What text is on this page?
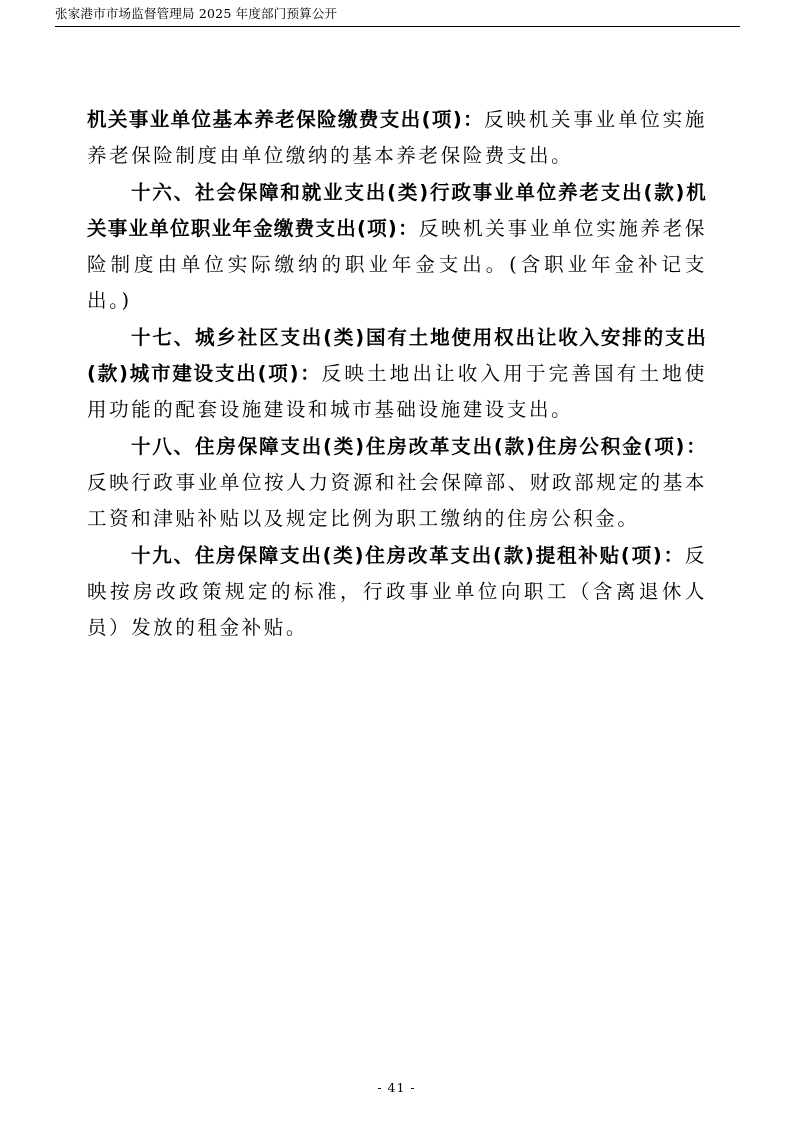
张家港市市场监督管理局 2025 年度部门预算公开

机关事业单位基本养老保险缴费支出(项)：反映机关事业单位实施养老保险制度由单位缴纳的基本养老保险费支出。

十六、社会保障和就业支出(类)行政事业单位养老支出(款)机关事业单位职业年金缴费支出(项)：反映机关事业单位实施养老保险制度由单位实际缴纳的职业年金支出。(含职业年金补记支出。)

十七、城乡社区支出(类)国有土地使用权出让收入安排的支出(款)城市建设支出(项)：反映土地出让收入用于完善国有土地使用功能的配套设施建设和城市基础设施建设支出。

十八、住房保障支出(类)住房改革支出(款)住房公积金(项)：反映行政事业单位按人力资源和社会保障部、财政部规定的基本工资和津贴补贴以及规定比例为职工缴纳的住房公积金。

十九、住房保障支出(类)住房改革支出(款)提租补贴(项)：反映按房改政策规定的标准，行政事业单位向职工（含离退休人员）发放的租金补贴。

- 41 -
